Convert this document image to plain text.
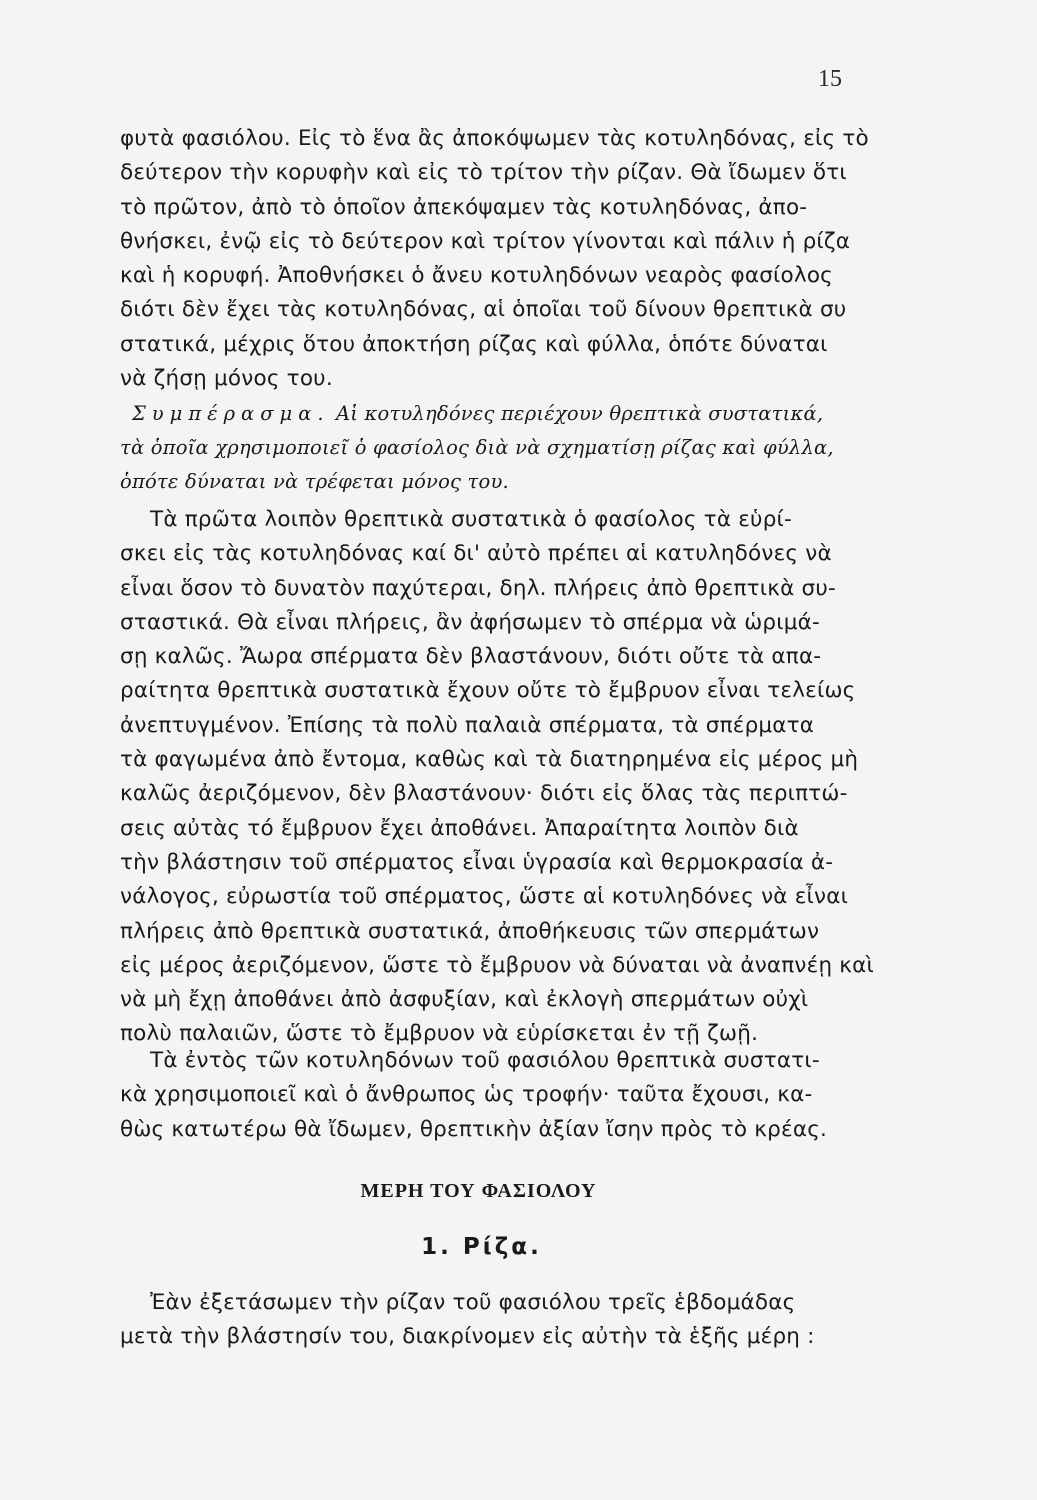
15
φυτὰ φασιόλου. Εἰς τὸ ἕνα ἂς ἀποκόψωμεν τὰς κοτυληδόνας, εἰς τὸ
δεύτερον τὴν κορυφὴν καὶ εἰς τὸ τρίτον τὴν ρίζαν. Θὰ ἴδωμεν ὅτι
τὸ πρῶτον, ἀπὸ τὸ ὁποῖον ἀπεκόψαμεν τὰς κοτυληδόνας, ἀπο-
θνήσκει, ἐνῷ εἰς τὸ δεύτερον καὶ τρίτον γίνονται καὶ πάλιν ἡ ρίζα
καὶ ἡ κορυφή. Ἀποθνήσκει ὁ ἄνευ κοτυληδόνων νεαρὸς φασίολος
διότι δὲν ἔχει τὰς κοτυληδόνας, αἱ ὁποῖαι τοῦ δίνουν θρεπτικὰ συ
στατικά, μέχρις ὅτου ἀποκτήση ρίζας καὶ φύλλα, ὁπότε δύναται
νὰ ζήσῃ μόνος του.
Συμπέρασμα. Αἱ κοτυληδόνες περιέχουν θρεπτικὰ συστατικά,
τὰ ὁποῖα χρησιμοποιεῖ ὁ φασίολος διὰ νὰ σχηματίσῃ ρίζας καὶ φύλλα,
ὁπότε δύναται νὰ τρέφεται μόνος του.
Τὰ πρῶτα λοιπὸν θρεπτικὰ συστατικὰ ὁ φασίολος τὰ εὑρί-
σκει εἰς τὰς κοτυληδόνας καί δι' αὐτὸ πρέπει αἱ κατυληδόνες νὰ
εἶναι ὅσον τὸ δυνατὸν παχύτεραι, δηλ. πλήρεις ἀπὸ θρεπτικὰ συ-
σταστικά. Θὰ εἶναι πλήρεις, ἂν ἀφήσωμεν τὸ σπέρμα νὰ ὡριμά-
σῃ καλῶς. Ἄωρα σπέρματα δὲν βλαστάνουν, διότι οὔτε τὰ απα-
ραίτητα θρεπτικὰ συστατικὰ ἔχουν οὔτε τὸ ἔμβρυον εἶναι τελείως
ἀνεπτυγμένον. Ἐπίσης τὰ πολὺ παλαιὰ σπέρματα, τὰ σπέρματα
τὰ φαγωμένα ἀπὸ ἔντομα, καθὼς καὶ τὰ διατηρημένα εἰς μέρος μὴ
καλῶς ἀεριζόμενον, δὲν βλαστάνουν· διότι εἰς ὅλας τὰς περιπτώ-
σεις αὐτὰς τό ἔμβρυον ἔχει ἀποθάνει. Ἀπαραίτητα λοιπὸν διὰ
τὴν βλάστησιν τοῦ σπέρματος εἶναι ὑγρασία καὶ θερμοκρασία ἀ-
νάλογος, εὐρωστία τοῦ σπέρματος, ὥστε αἱ κοτυληδόνες νὰ εἶναι
πλήρεις ἀπὸ θρεπτικὰ συστατικά, ἀποθήκευσις τῶν σπερμάτων
εἰς μέρος ἀεριζόμενον, ὥστε τὸ ἔμβρυον νὰ δύναται νὰ ἀναπνέῃ καὶ
νὰ μὴ ἔχῃ ἀποθάνει ἀπὸ ἀσφυξίαν, καὶ ἐκλογὴ σπερμάτων οὐχὶ
πολὺ παλαιῶν, ὥστε τὸ ἔμβρυον νὰ εὑρίσκεται ἐν τῇ ζωῇ.
Τὰ ἐντὸς τῶν κοτυληδόνων τοῦ φασιόλου θρεπτικὰ συστατι-
κὰ χρησιμοποιεῖ καὶ ὁ ἄνθρωπος ὡς τροφήν· ταῦτα ἔχουσι, κα-
θὼς κατωτέρω θὰ ἴδωμεν, θρεπτικὴν ἀξίαν ἴσην πρὸς τὸ κρέας.
ΜΕΡΗ ΤΟΥ ΦΑΣΙΟΛΟΥ
1. Ρίζα.
Ἐὰν ἐξετάσωμεν τὴν ρίζαν τοῦ φασιόλου τρεῖς ἑβδομάδας
μετὰ τὴν βλάστησίν του, διακρίνομεν εἰς αὐτὴν τὰ ἑξῆς μέρη :
